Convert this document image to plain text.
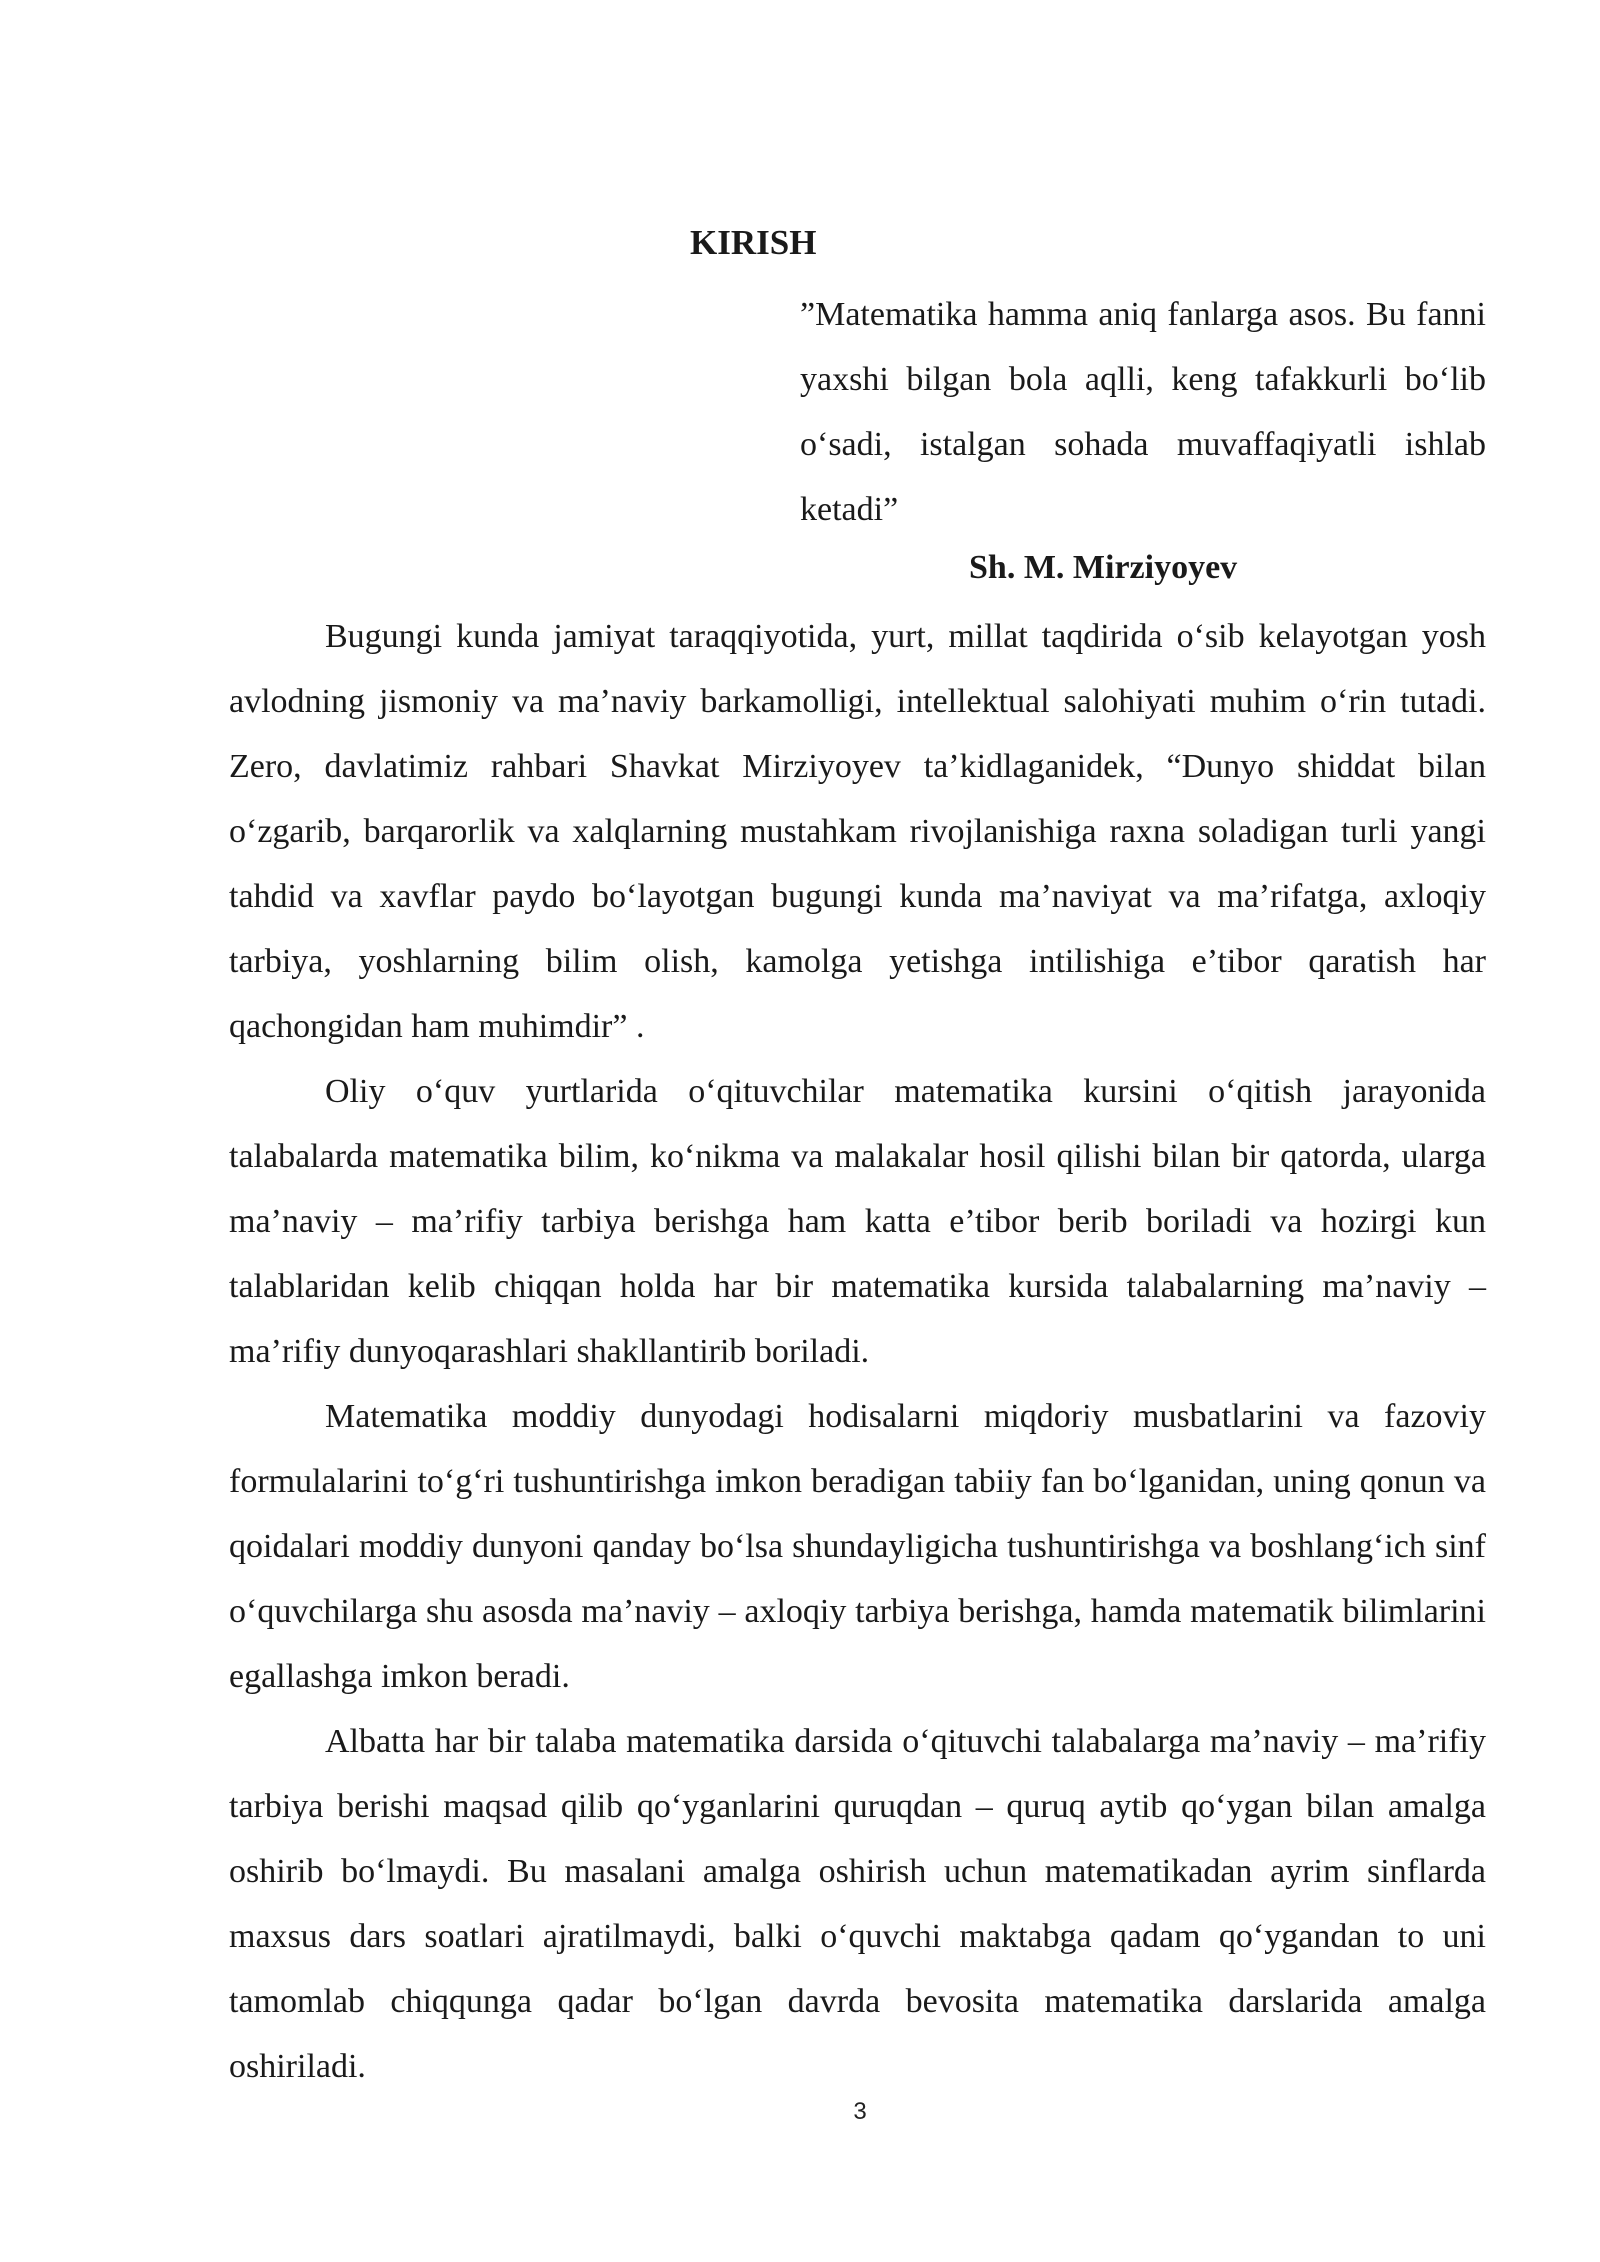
KIRISH

”Matematika hamma aniq fanlarga asos. Bu fanni yaxshi bilgan bola aqlli, keng tafakkurli bo‘lib o‘sadi, istalgan sohada muvaffaqiyatli ishlab ketadi”

Sh. M. Mirziyoyev

Bugungi kunda jamiyat taraqqiyotida, yurt, millat taqdirida o‘sib kelayotgan yosh avlodning jismoniy va ma’naviy barkamolligi, intellektual salohiyati muhim o‘rin tutadi. Zero, davlatimiz rahbari Shavkat Mirziyoyev ta’kidlaganidek, “Dunyo shiddat bilan o‘zgarib, barqarorlik va xalqlarning mustahkam rivojlanishiga raxna soladigan turli yangi tahdid va xavflar paydo bo‘layotgan bugungi kunda ma’naviyat va ma’rifatga, axloqiy tarbiya, yoshlarning bilim olish, kamolga yetishga intilishiga e’tibor qaratish har qachongidan ham muhimdir” .

Oliy o‘quv yurtlarida o‘qituvchilar matematika kursini o‘qitish jarayonida talabalarda matematika bilim, ko‘nikma va malakalar hosil qilishi bilan bir qatorda, ularga ma’naviy – ma’rifiy tarbiya berishga ham katta e’tibor berib boriladi va hozirgi kun talablaridan kelib chiqqan holda har bir matematika kursida talabalarning ma’naviy – ma’rifiy dunyoqarashlari shakllantirib boriladi.

Matematika moddiy dunyodagi hodisalarni miqdoriy musbatlarini va fazoviy formulalarini to‘g‘ri tushuntirishga imkon beradigan tabiiy fan bo‘lganidan, uning qonun va qoidalari moddiy dunyoni qanday bo‘lsa shundayligicha tushuntirishga va boshlang‘ich sinf o‘quvchilarga shu asosda ma’naviy – axloqiy tarbiya berishga, hamda matematik bilimlarini egallashga imkon beradi.

Albatta har bir talaba matematika darsida o‘qituvchi talabalarga ma’naviy – ma’rifiy tarbiya berishi maqsad qilib qo‘yganlarini quruqdan – quruq aytib qo‘ygan bilan amalga oshirib bo‘lmaydi. Bu masalani amalga oshirish uchun matematikadan ayrim sinflarda maxsus dars soatlari ajratilmaydi, balki o‘quvchi maktabga qadam qo‘ygandan to uni tamomlab chiqqunga qadar bo‘lgan davrda bevosita matematika darslarida amalga oshiriladi.

3
